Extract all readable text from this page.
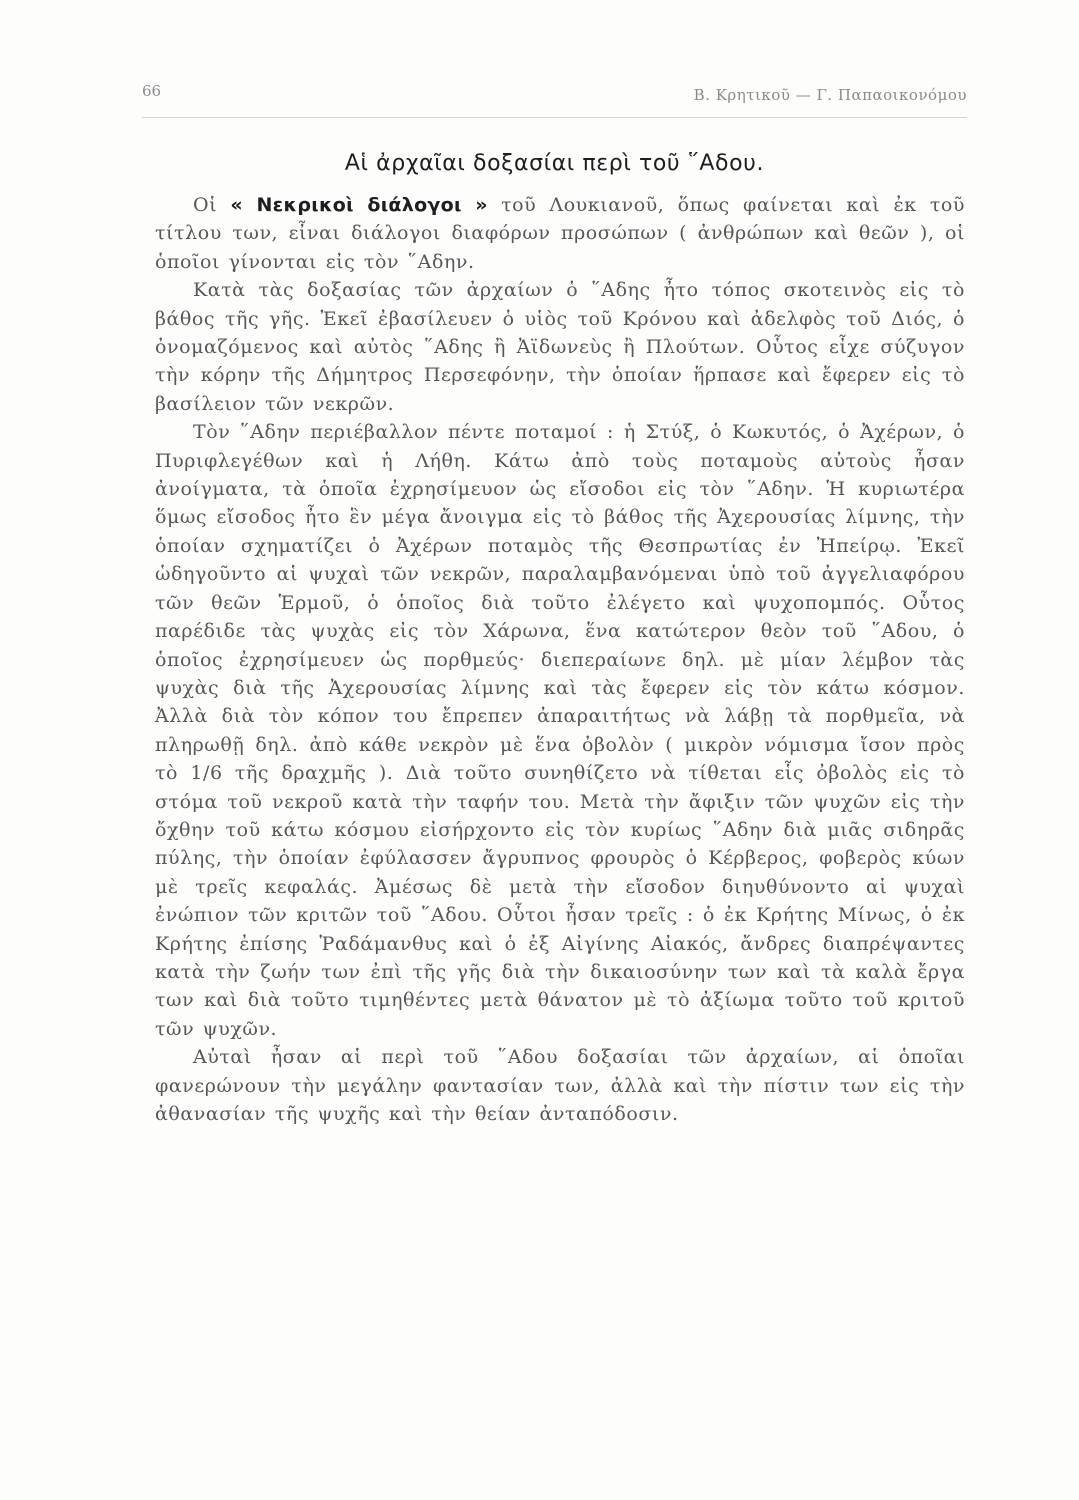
66	Β. Κρητικοῦ — Γ. Παπαοικονόμου
Αἱ ἀρχαῖαι δοξασίαι περὶ τοῦ ῞Αδου.

Οἱ « Νεκρικοὶ διάλογοι » τοῦ Λουκιανοῦ, ὅπως φαίνεται καὶ ἐκ τοῦ τίτλου των, εἶναι διάλογοι διαφόρων προσώπων ( ἀνθρώπων καὶ θεῶν ), οἱ ὁποῖοι γίνονται εἰς τὸν ῞Αδην.

Κατὰ τὰς δοξασίας τῶν ἀρχαίων ὁ ῞Αδης ἦτο τόπος σκοτεινὸς εἰς τὸ βάθος τῆς γῆς. Ἐκεῖ ἐβασίλευεν ὁ υἱὸς τοῦ Κρόνου καὶ ἀδελφὸς τοῦ Διός, ὁ ὀνομαζόμενος καὶ αὐτὸς ῞Αδης ἢ Ἀϊδωνεὺς ἢ Πλούτων. Οὗτος εἶχε σύζυγον τὴν κόρην τῆς Δήμητρος Περσεφόνην, τὴν ὁποίαν ἥρπασε καὶ ἔφερεν εἰς τὸ βασίλειον τῶν νεκρῶν.

Τὸν ῞Αδην περιέβαλλον πέντε ποταμοί : ἡ Στύξ, ὁ Κωκυτός, ὁ Ἀχέρων, ὁ Πυριφλεγέθων καὶ ἡ Λήθη. Κάτω ἀπὸ τοὺς ποταμοὺς αὐτοὺς ἦσαν ἀνοίγματα, τὰ ὁποῖα ἐχρησίμευον ὡς εἴσοδοι εἰς τὸν ῞Αδην. Ἡ κυριωτέρα ὅμως εἴσοδος ἦτο ἓν μέγα ἄνοιγμα εἰς τὸ βάθος τῆς Ἀχερουσίας λίμνης, τὴν ὁποίαν σχηματίζει ὁ Ἀχέρων ποταμὸς τῆς Θεσπρωτίας ἐν Ἠπείρῳ. Ἐκεῖ ὡδηγοῦντο αἱ ψυχαὶ τῶν νεκρῶν, παραλαμβανόμεναι ὑπὸ τοῦ ἀγγελιαφόρου τῶν θεῶν Ἑρμοῦ, ὁ ὁποῖος διὰ τοῦτο ἐλέγετο καὶ ψυχοπομπός. Οὗτος παρέδιδε τὰς ψυχὰς εἰς τὸν Χάρωνα, ἕνα κατώτερον θεὸν τοῦ ῞Αδου, ὁ ὁποῖος ἐχρησίμευεν ὡς πορθμεύς· διεπεραίωνε δηλ. μὲ μίαν λέμβον τὰς ψυχὰς διὰ τῆς Ἀχερουσίας λίμνης καὶ τὰς ἔφερεν εἰς τὸν κάτω κόσμον. Ἀλλὰ διὰ τὸν κόπον του ἔπρεπεν ἀπαραιτήτως νὰ λάβῃ τὰ πορθμεῖα, νὰ πληρωθῇ δηλ. ἀπὸ κάθε νεκρὸν μὲ ἕνα ὀβολὸν ( μικρὸν νόμισμα ἴσον πρὸς τὸ 1/6 τῆς δραχμῆς ). Διὰ τοῦτο συνηθίζετο νὰ τίθεται εἷς ὀβολὸς εἰς τὸ στόμα τοῦ νεκροῦ κατὰ τὴν ταφήν του. Μετὰ τὴν ἄφιξιν τῶν ψυχῶν εἰς τὴν ὄχθην τοῦ κάτω κόσμου εἰσήρχοντο εἰς τὸν κυρίως ῞Αδην διὰ μιᾶς σιδηρᾶς πύλης, τὴν ὁποίαν ἐφύλασσεν ἄγρυπνος φρουρὸς ὁ Κέρβερος, φοβερὸς κύων μὲ τρεῖς κεφαλάς. Ἀμέσως δὲ μετὰ τὴν εἴσοδον διηυθύνοντο αἱ ψυχαὶ ἐνώπιον τῶν κριτῶν τοῦ ῞Αδου. Οὗτοι ἦσαν τρεῖς : ὁ ἐκ Κρήτης Μίνως, ὁ ἐκ Κρήτης ἐπίσης Ῥαδάμανθυς καὶ ὁ ἐξ Αἰγίνης Αἰακός, ἄνδρες διαπρέψαντες κατὰ τὴν ζωήν των ἐπὶ τῆς γῆς διὰ τὴν δικαιοσύνην των καὶ τὰ καλὰ ἔργα των καὶ διὰ τοῦτο τιμηθέντες μετὰ θάνατον μὲ τὸ ἀξίωμα τοῦτο τοῦ κριτοῦ τῶν ψυχῶν.

Αὐταὶ ἦσαν αἱ περὶ τοῦ ῞Αδου δοξασίαι τῶν ἀρχαίων, αἱ ὁποῖαι φανερώνουν τὴν μεγάλην φαντασίαν των, ἀλλὰ καὶ τὴν πίστιν των εἰς τὴν ἀθανασίαν τῆς ψυχῆς καὶ τὴν θείαν ἀνταπόδοσιν.
